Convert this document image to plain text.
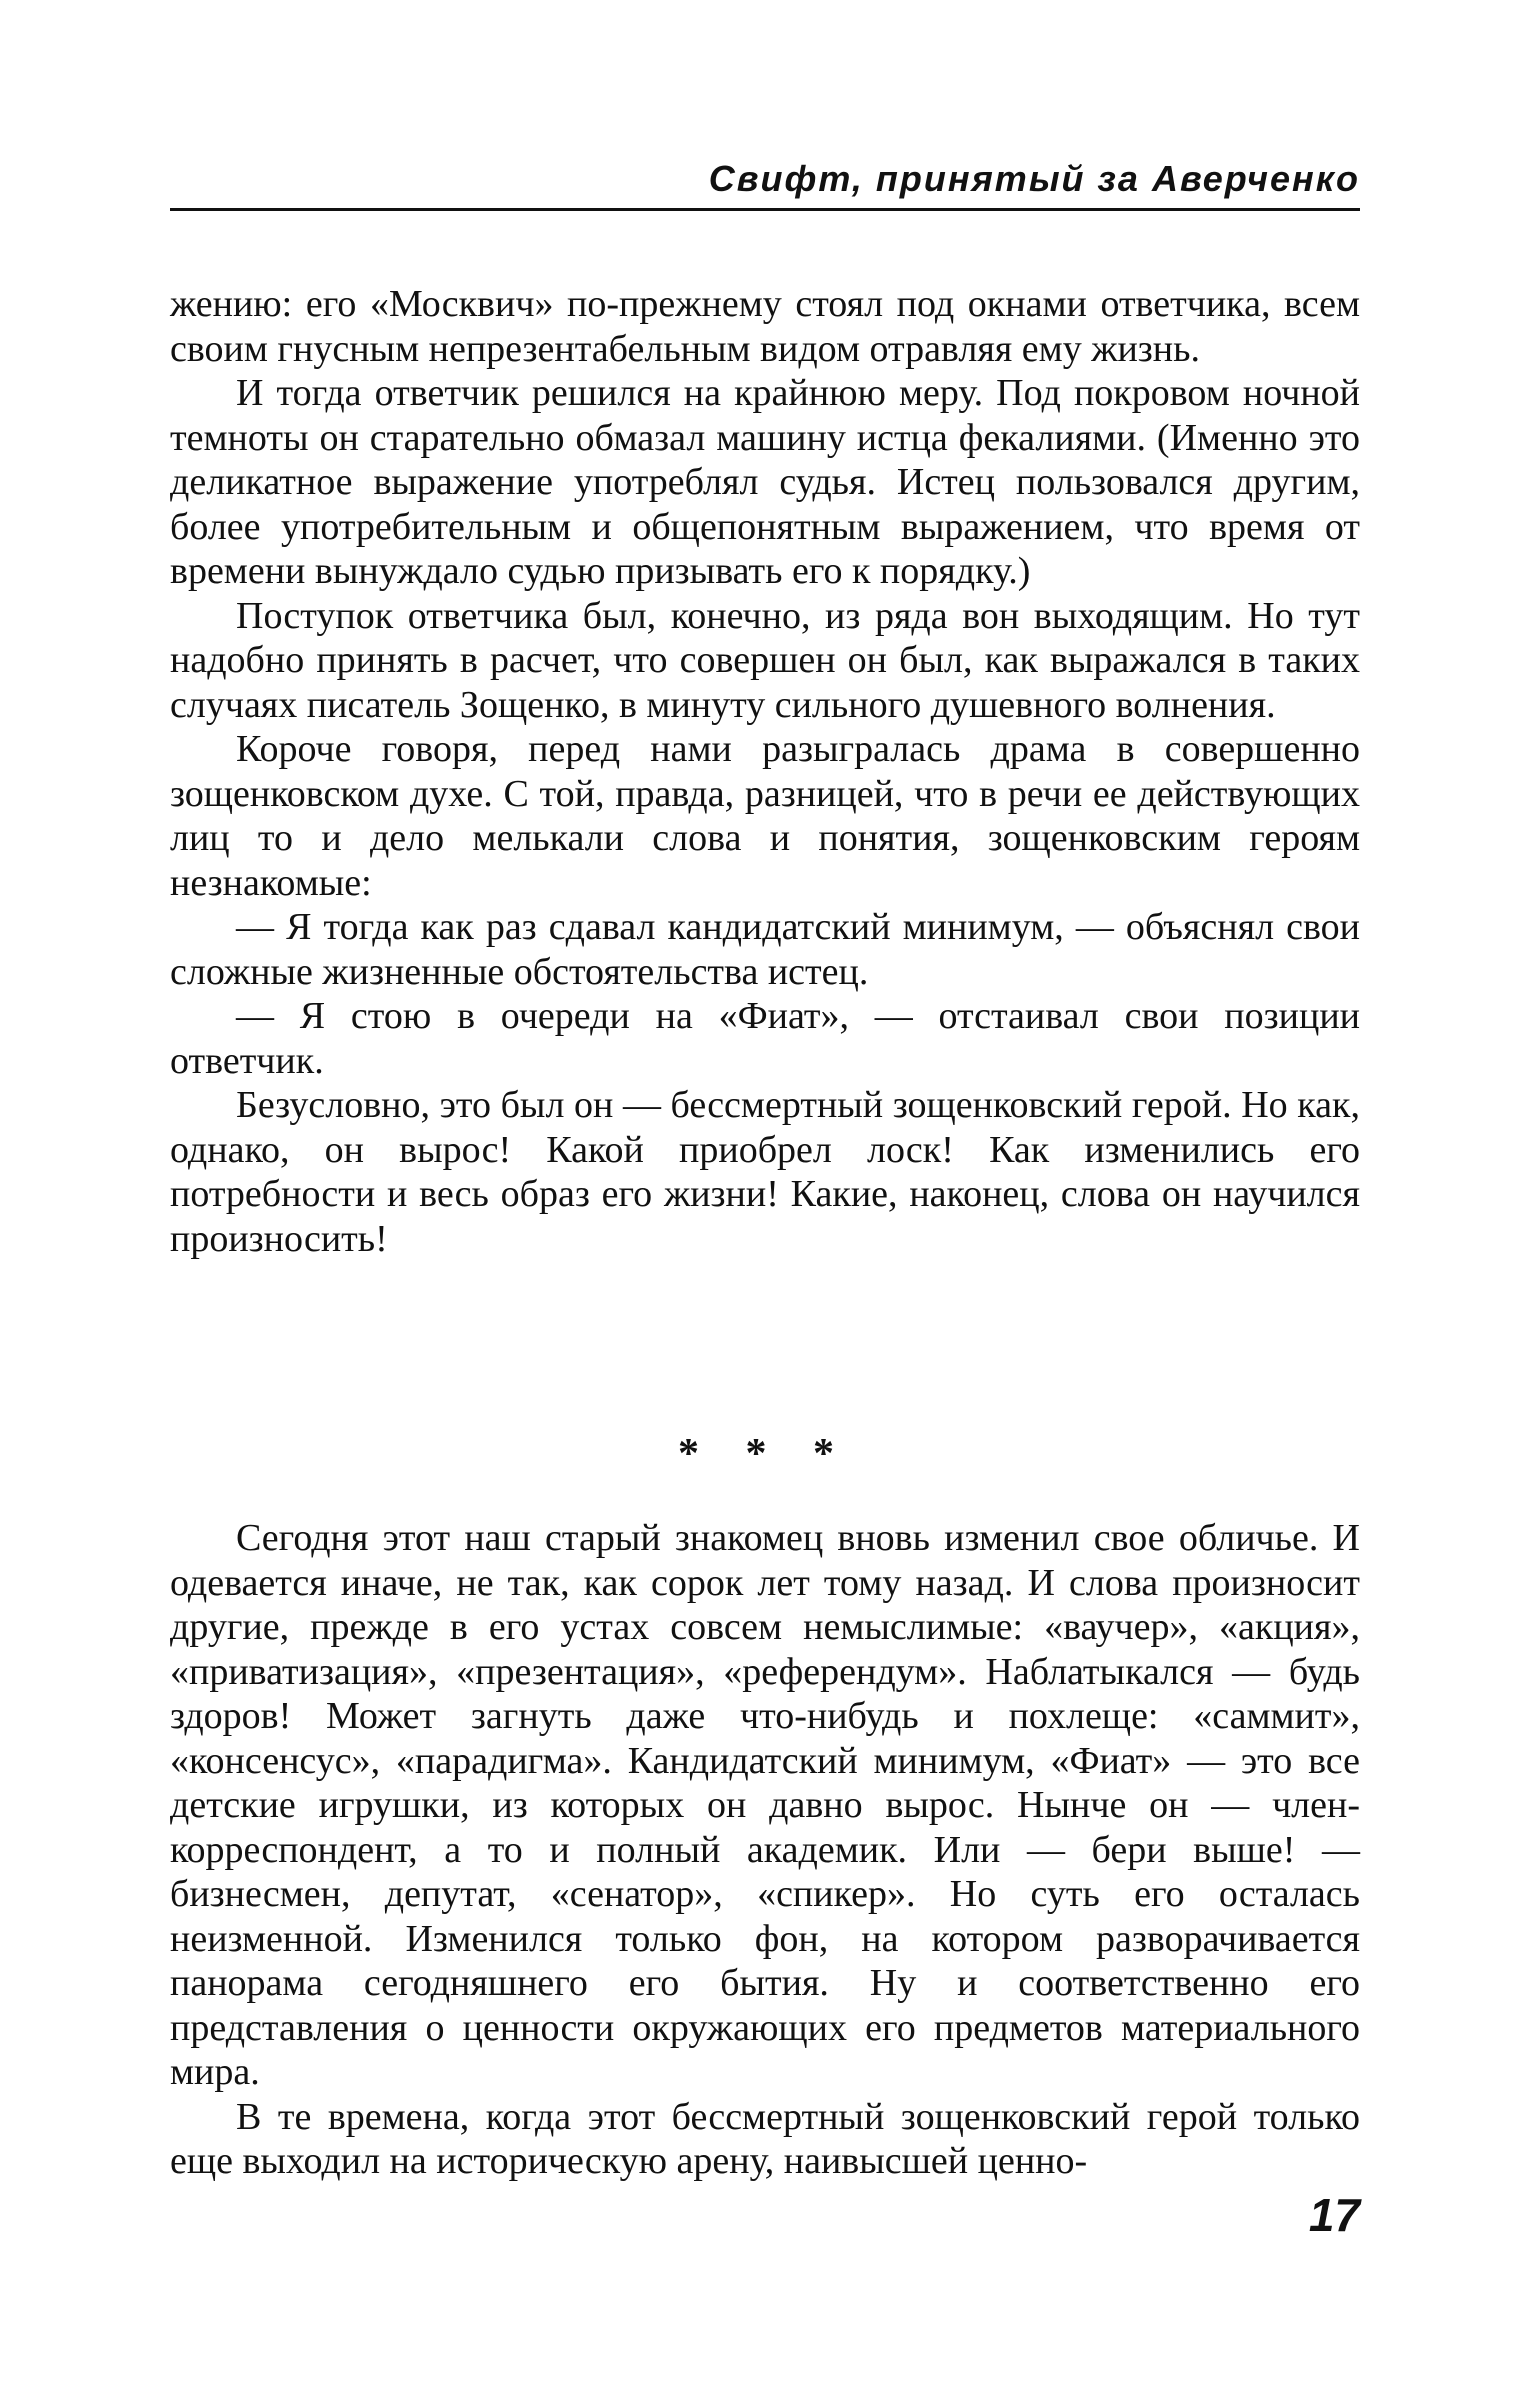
Свифт, принятый за Аверченко

жению: его «Москвич» по-прежнему стоял под окнами ответчика, всем своим гнусным непрезентабельным видом отравляя ему жизнь.

И тогда ответчик решился на крайнюю меру. Под покровом ночной темноты он старательно обмазал машину истца фекалиями. (Именно это деликатное выражение употреблял судья. Истец пользовался другим, более употребительным и общепонятным выражением, что время от времени вынуждало судью призывать его к порядку.)

Поступок ответчика был, конечно, из ряда вон выходящим. Но тут надобно принять в расчет, что совершен он был, как выражался в таких случаях писатель Зощенко, в минуту сильного душевного волнения.

Короче говоря, перед нами разыгралась драма в совершенно зощенковском духе. С той, правда, разницей, что в речи ее действующих лиц то и дело мелькали слова и понятия, зощенковским героям незнакомые:

— Я тогда как раз сдавал кандидатский минимум, — объяснял свои сложные жизненные обстоятельства истец.

— Я стою в очереди на «Фиат», — отстаивал свои позиции ответчик.

Безусловно, это был он — бессмертный зощенковский герой. Но как, однако, он вырос! Какой приобрел лоск! Как изменились его потребности и весь образ его жизни! Какие, наконец, слова он научился произносить!

* * *

Сегодня этот наш старый знакомец вновь изменил свое обличье. И одевается иначе, не так, как сорок лет тому назад. И слова произносит другие, прежде в его устах совсем немыслимые: «ваучер», «акция», «приватизация», «презентация», «референдум». Наблатыкался — будь здоров! Может загнуть даже что-нибудь и похлеще: «саммит», «консенсус», «парадигма». Кандидатский минимум, «Фиат» — это все детские игрушки, из которых он давно вырос. Нынче он — член-корреспондент, а то и полный академик. Или — бери выше! — бизнесмен, депутат, «сенатор», «спикер». Но суть его осталась неизменной. Изменился только фон, на котором разворачивается панорама сегодняшнего его бытия. Ну и соответственно его представления о ценности окружающих его предметов материального мира.

В те времена, когда этот бессмертный зощенковский герой только еще выходил на историческую арену, наивысшей ценно-

17
